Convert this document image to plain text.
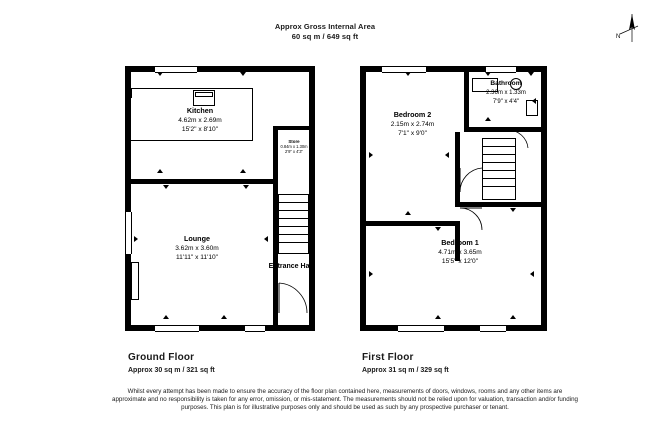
Approx Gross Internal Area
60 sq m / 649 sq ft	N
Kitchen
4.62m x 2.69m
15'2" x 8'10"
Lounge
3.62m x 3.60m
11'11" x 11'10"
Store
0.84m x 1.30m
2'9" x 4'3"
Entrance Hall
Bathroom
2.36m x 1.33m
7'9" x 4'4"
Bedroom 2
2.15m x 2.74m
7'1" x 9'0"
Bedroom 1
4.71m x 3.65m
15'5" x 12'0"
Ground Floor
Approx 30 sq m / 321 sq ft
First Floor
Approx 31 sq m / 329 sq ft
Whilst every attempt has been made to ensure the accuracy of the floor plan contained here, measurements of doors, windows, rooms and any other items are approximate and no responsibility is taken for any error, omission, or mis-statement. The measurements should not be relied upon for valuation, transaction and/or funding purposes. This plan is for illustrative purposes only and should be used as such by any prospective purchaser or tenant.
